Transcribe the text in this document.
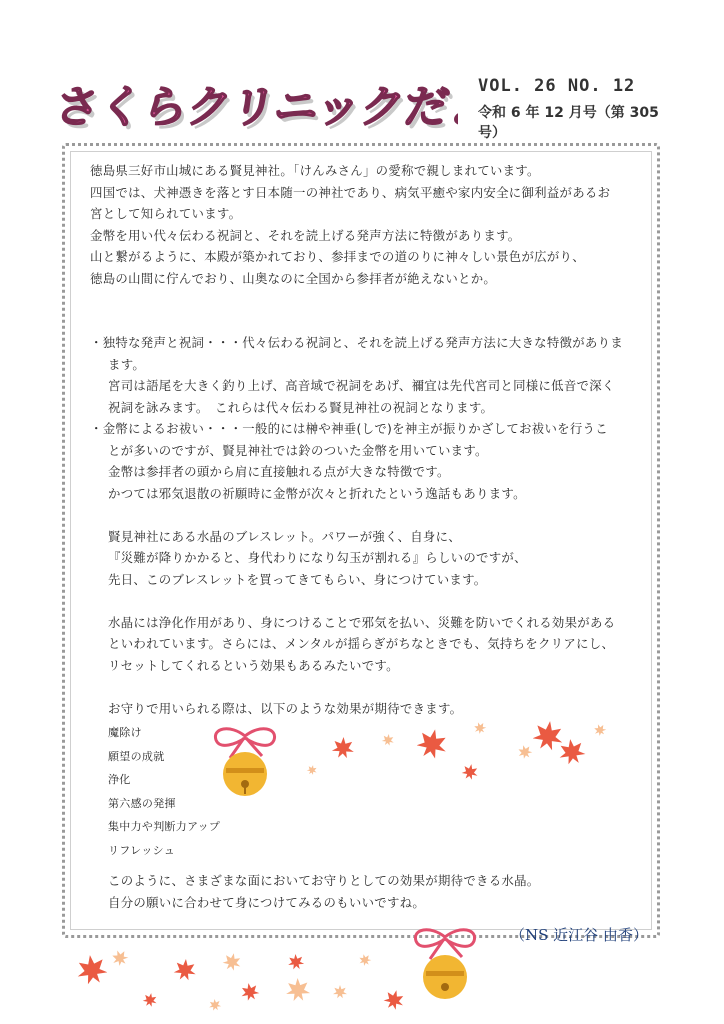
さくらクリニックだより
さくらクリニックだより
VOL. 26 NO. 12
令和 6 年 12 月号（第 305 号）

徳島県三好市山城にある賢見神社。「けんみさん」の愛称で親しまれています。

四国では、犬神憑きを落とす日本随一の神社であり、病気平癒や家内安全に御利益があるお

宮として知られています。

金幣を用い代々伝わる祝詞と、それを読上げる発声方法に特徴があります。

山と繋がるように、本殿が築かれており、参拝までの道のりに神々しい景色が広がり、

徳島の山間に佇んでおり、山奥なのに全国から参拝者が絶えないとか。

・独特な発声と祝詞・・・代々伝わる祝詞と、それを読上げる発声方法に大きな特徴がありま

ます。

宮司は語尾を大きく釣り上げ、高音域で祝詞をあげ、禰宜は先代宮司と同様に低音で深く

祝詞を詠みます。　これらは代々伝わる賢見神社の祝詞となります。

・金幣によるお祓い・・・一般的には榊や神垂(しで)を神主が振りかざしてお祓いを行うこ

とが多いのですが、賢見神社では鈴のついた金幣を用いています。

金幣は参拝者の頭から肩に直接触れる点が大きな特徴です。

かつては邪気退散の祈願時に金幣が次々と折れたという逸話もあります。

賢見神社にある水晶のブレスレット。パワーが強く、自身に、

『災難が降りかかると、身代わりになり勾玉が割れる』らしいのですが、

先日、このブレスレットを買ってきてもらい、身につけています。

水晶には浄化作用があり、身につけることで邪気を払い、災難を防いでくれる効果がある

といわれています。さらには、メンタルが揺らぎがちなときでも、気持ちをクリアにし、

リセットしてくれるという効果もあるみたいです。

お守りで用いられる際は、以下のような効果が期待できます。

魔除け
願望の成就
浄化
第六感の発揮
集中力や判断力アップ
リフレッシュ

このように、さまざまな面においてお守りとしての効果が期待できる水晶。

自分の願いに合わせて身につけてみるのもいいですね。

（NS 近江谷 由香）
